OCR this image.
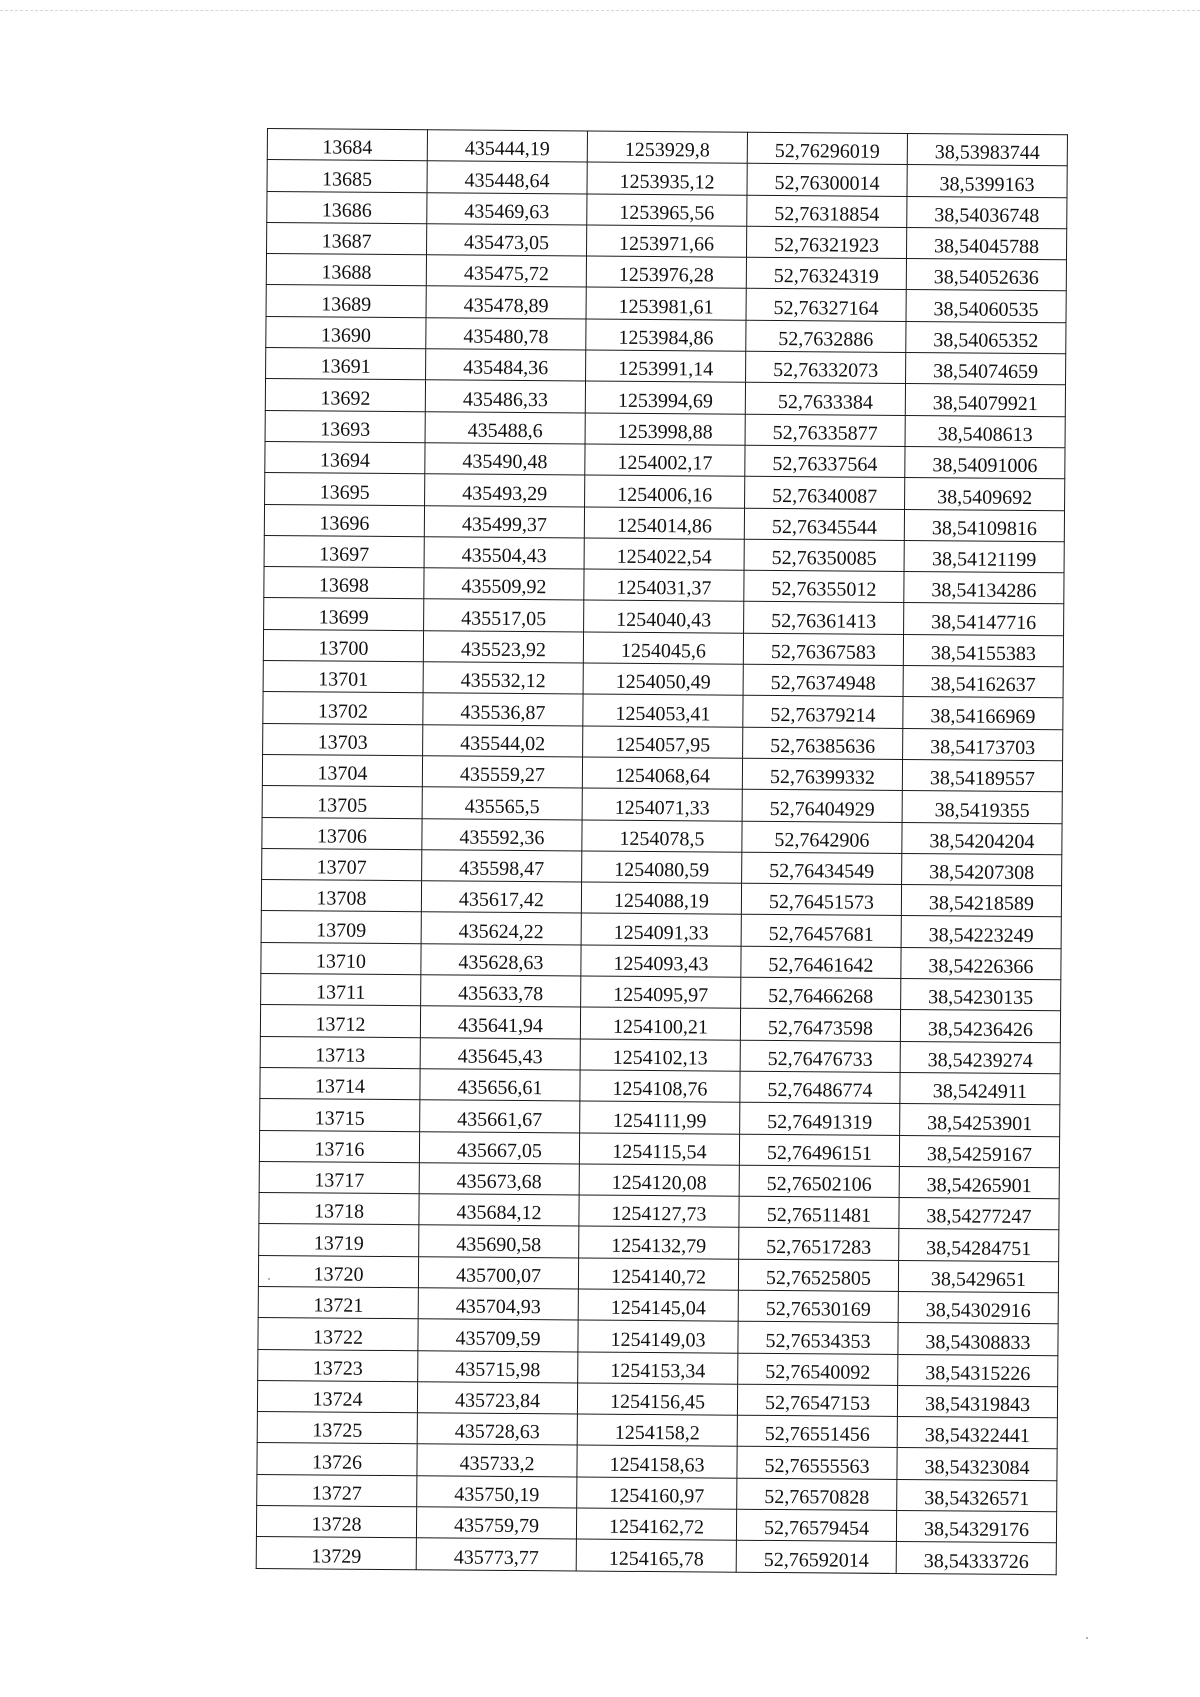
13684	435444,19	1253929,8	52,76296019	38,53983744
13685	435448,64	1253935,12	52,76300014	38,5399163
13686	435469,63	1253965,56	52,76318854	38,54036748
13687	435473,05	1253971,66	52,76321923	38,54045788
13688	435475,72	1253976,28	52,76324319	38,54052636
13689	435478,89	1253981,61	52,76327164	38,54060535
13690	435480,78	1253984,86	52,7632886	38,54065352
13691	435484,36	1253991,14	52,76332073	38,54074659
13692	435486,33	1253994,69	52,7633384	38,54079921
13693	435488,6	1253998,88	52,76335877	38,5408613
13694	435490,48	1254002,17	52,76337564	38,54091006
13695	435493,29	1254006,16	52,76340087	38,5409692
13696	435499,37	1254014,86	52,76345544	38,54109816
13697	435504,43	1254022,54	52,76350085	38,54121199
13698	435509,92	1254031,37	52,76355012	38,54134286
13699	435517,05	1254040,43	52,76361413	38,54147716
13700	435523,92	1254045,6	52,76367583	38,54155383
13701	435532,12	1254050,49	52,76374948	38,54162637
13702	435536,87	1254053,41	52,76379214	38,54166969
13703	435544,02	1254057,95	52,76385636	38,54173703
13704	435559,27	1254068,64	52,76399332	38,54189557
13705	435565,5	1254071,33	52,76404929	38,5419355
13706	435592,36	1254078,5	52,7642906	38,54204204
13707	435598,47	1254080,59	52,76434549	38,54207308
13708	435617,42	1254088,19	52,76451573	38,54218589
13709	435624,22	1254091,33	52,76457681	38,54223249
13710	435628,63	1254093,43	52,76461642	38,54226366
13711	435633,78	1254095,97	52,76466268	38,54230135
13712	435641,94	1254100,21	52,76473598	38,54236426
13713	435645,43	1254102,13	52,76476733	38,54239274
13714	435656,61	1254108,76	52,76486774	38,5424911
13715	435661,67	1254111,99	52,76491319	38,54253901
13716	435667,05	1254115,54	52,76496151	38,54259167
13717	435673,68	1254120,08	52,76502106	38,54265901
13718	435684,12	1254127,73	52,76511481	38,54277247
13719	435690,58	1254132,79	52,76517283	38,54284751
13720	435700,07	1254140,72	52,76525805	38,5429651
13721	435704,93	1254145,04	52,76530169	38,54302916
13722	435709,59	1254149,03	52,76534353	38,54308833
13723	435715,98	1254153,34	52,76540092	38,54315226
13724	435723,84	1254156,45	52,76547153	38,54319843
13725	435728,63	1254158,2	52,76551456	38,54322441
13726	435733,2	1254158,63	52,76555563	38,54323084
13727	435750,19	1254160,97	52,76570828	38,54326571
13728	435759,79	1254162,72	52,76579454	38,54329176
13729	435773,77	1254165,78	52,76592014	38,54333726
